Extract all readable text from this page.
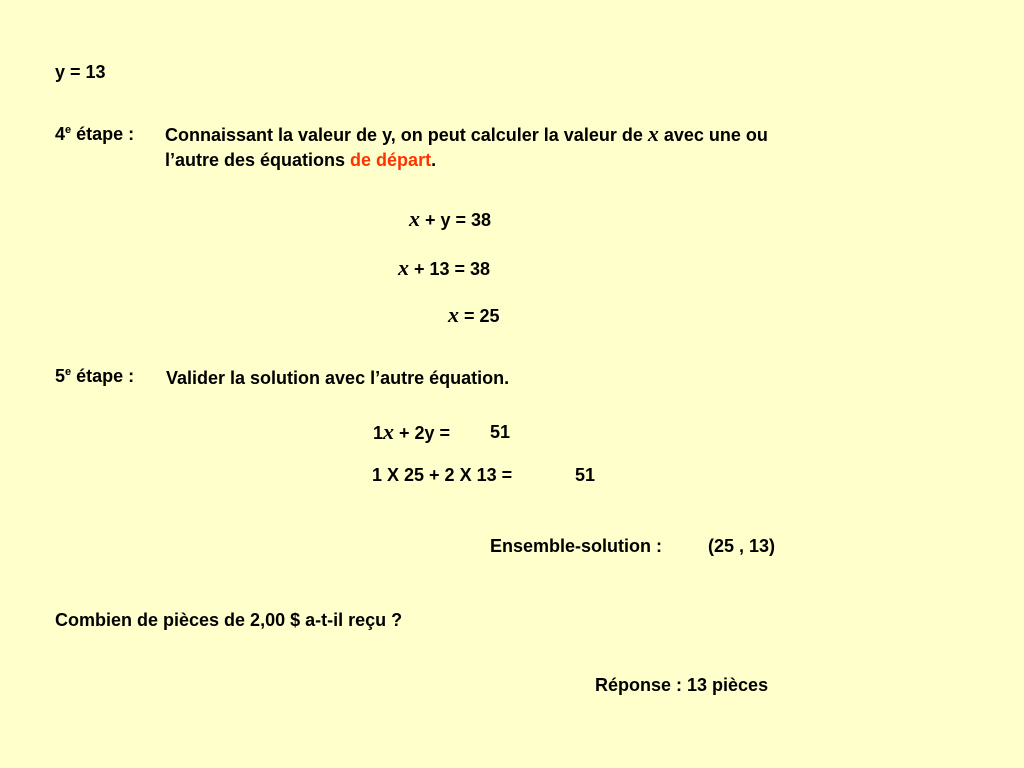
y = 13
4e étape : Connaissant la valeur de y, on peut calculer la valeur de x avec une ou
l’autre des équations de départ.
x + y = 38
x + 13 = 38
x = 25
5e étape : Valider la solution avec l’autre équation.
1x + 2y = 51
1 X 25 + 2 X 13 =	51
Ensemble-solution :	(25 , 13)
Combien de pièces de 2,00 $ a-t-il reçu ?
Réponse : 13 pièces
